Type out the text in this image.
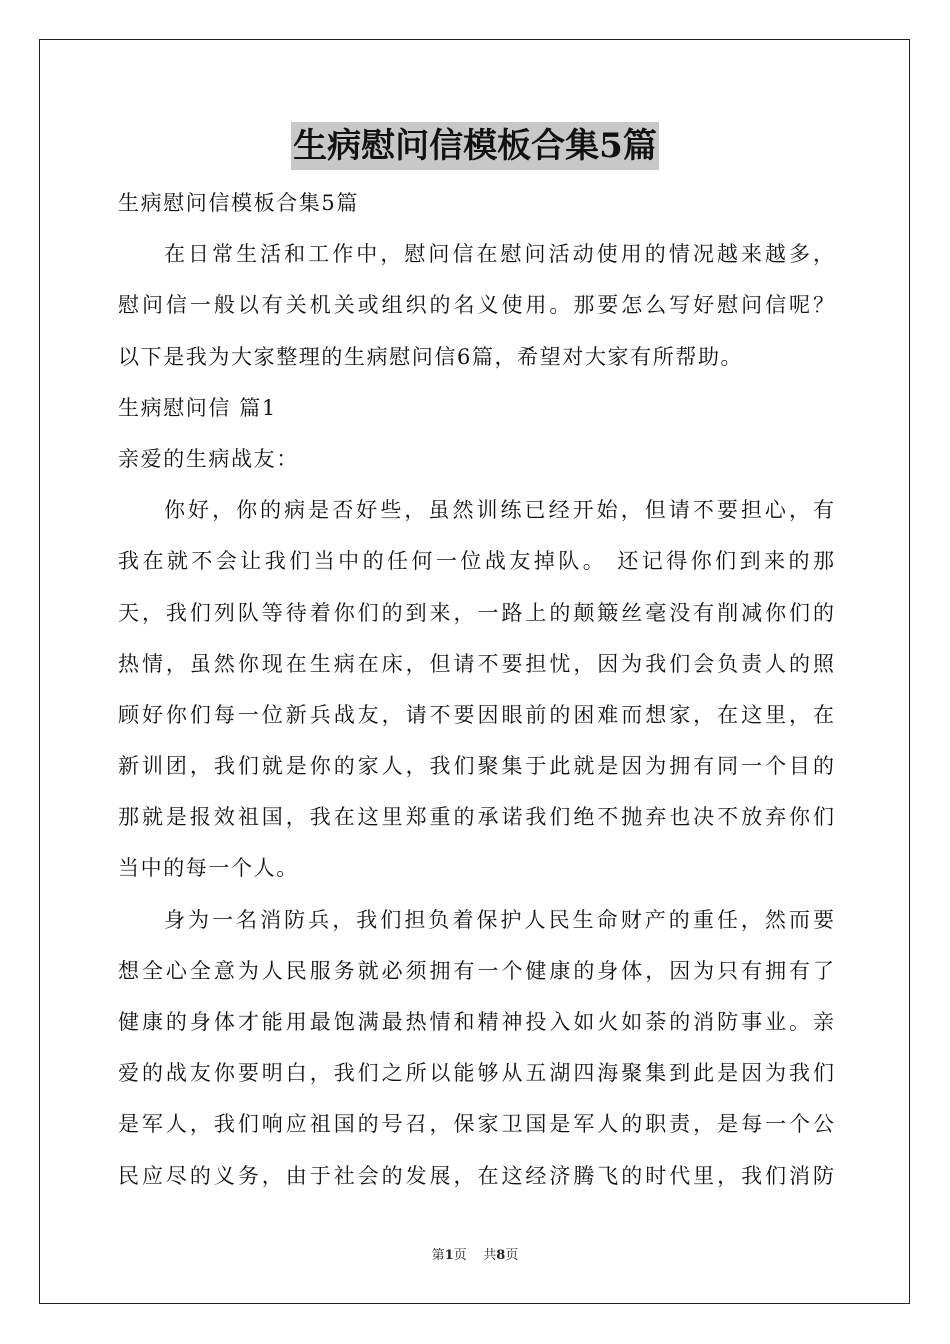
生病慰问信模板合集5篇
生病慰问信模板合集5篇
在日常生活和工作中，慰问信在慰问活动使用的情况越来越多，
慰问信一般以有关机关或组织的名义使用。那要怎么写好慰问信呢？
以下是我为大家整理的生病慰问信6篇，希望对大家有所帮助。
生病慰问信 篇1
亲爱的生病战友：
你好，你的病是否好些，虽然训练已经开始，但请不要担心，有
我在就不会让我们当中的任何一位战友掉队。 还记得你们到来的那
天，我们列队等待着你们的到来，一路上的颠簸丝毫没有削减你们的
热情，虽然你现在生病在床，但请不要担忧，因为我们会负责人的照
顾好你们每一位新兵战友，请不要因眼前的困难而想家，在这里，在
新训团，我们就是你的家人，我们聚集于此就是因为拥有同一个目的
那就是报效祖国，我在这里郑重的承诺我们绝不抛弃也决不放弃你们
当中的每一个人。
身为一名消防兵，我们担负着保护人民生命财产的重任，然而要
想全心全意为人民服务就必须拥有一个健康的身体，因为只有拥有了
健康的身体才能用最饱满最热情和精神投入如火如荼的消防事业。亲
爱的战友你要明白，我们之所以能够从五湖四海聚集到此是因为我们
是军人，我们响应祖国的号召，保家卫国是军人的职责，是每一个公
民应尽的义务，由于社会的发展，在这经济腾飞的时代里，我们消防
第1页 共8页
